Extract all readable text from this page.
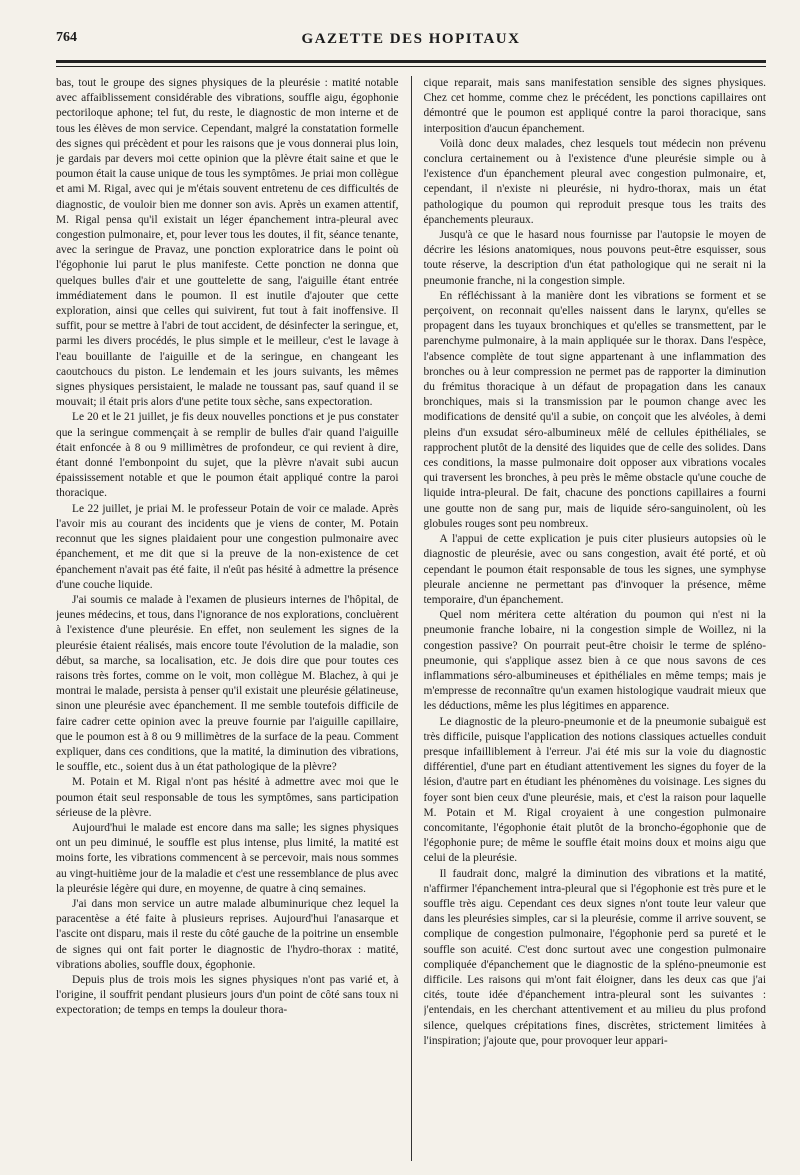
764	GAZETTE DES HOPITAUX

bas, tout le groupe des signes physiques de la pleurésie : matité notable avec affaiblissement considérable des vibrations, souffle aigu, égophonie pectoriloque aphone; tel fut, du reste, le diagnostic de mon interne et de tous les élèves de mon service. Cependant, malgré la constatation formelle des signes qui précèdent et pour les raisons que je vous donnerai plus loin, je gardais par devers moi cette opinion que la plèvre était saine et que le poumon était la cause unique de tous les symptômes. Je priai mon collègue et ami M. Rigal, avec qui je m'étais souvent entretenu de ces difficultés de diagnostic, de vouloir bien me donner son avis. Après un examen attentif, M. Rigal pensa qu'il existait un léger épanchement intra-pleural avec congestion pulmonaire, et, pour lever tous les doutes, il fit, séance tenante, avec la seringue de Pravaz, une ponction exploratrice dans le point où l'égophonie lui parut le plus manifeste. Cette ponction ne donna que quelques bulles d'air et une gouttelette de sang, l'aiguille étant entrée immédiatement dans le poumon. Il est inutile d'ajouter que cette exploration, ainsi que celles qui suivirent, fut tout à fait inoffensive. Il suffit, pour se mettre à l'abri de tout accident, de désinfecter la seringue, et, parmi les divers procédés, le plus simple et le meilleur, c'est le lavage à l'eau bouillante de l'aiguille et de la seringue, en changeant les caoutchoucs du piston. Le lendemain et les jours suivants, les mêmes signes physiques persistaient, le malade ne toussant pas, sauf quand il se mouvait; il était pris alors d'une petite toux sèche, sans expectoration.

Le 20 et le 21 juillet, je fis deux nouvelles ponctions et je pus constater que la seringue commençait à se remplir de bulles d'air quand l'aiguille était enfoncée à 8 ou 9 millimètres de profondeur, ce qui revient à dire, étant donné l'embonpoint du sujet, que la plèvre n'avait subi aucun épaississement notable et que le poumon était appliqué contre la paroi thoracique.

Le 22 juillet, je priai M. le professeur Potain de voir ce malade. Après l'avoir mis au courant des incidents que je viens de conter, M. Potain reconnut que les signes plaidaient pour une congestion pulmonaire avec épanchement, et me dit que si la preuve de la non-existence de cet épanchement n'avait pas été faite, il n'eût pas hésité à admettre la présence d'une couche liquide.

J'ai soumis ce malade à l'examen de plusieurs internes de l'hôpital, de jeunes médecins, et tous, dans l'ignorance de nos explorations, concluèrent à l'existence d'une pleurésie. En effet, non seulement les signes de la pleurésie étaient réalisés, mais encore toute l'évolution de la maladie, son début, sa marche, sa localisation, etc. Je dois dire que pour toutes ces raisons très fortes, comme on le voit, mon collègue M. Blachez, à qui je montrai le malade, persista à penser qu'il existait une pleurésie gélatineuse, sinon une pleurésie avec épanchement. Il me semble toutefois difficile de faire cadrer cette opinion avec la preuve fournie par l'aiguille capillaire, que le poumon est à 8 ou 9 millimètres de la surface de la peau. Comment expliquer, dans ces conditions, que la matité, la diminution des vibrations, le souffle, etc., soient dus à un état pathologique de la plèvre?

M. Potain et M. Rigal n'ont pas hésité à admettre avec moi que le poumon était seul responsable de tous les symptômes, sans participation sérieuse de la plèvre.

Aujourd'hui le malade est encore dans ma salle; les signes physiques ont un peu diminué, le souffle est plus intense, plus limité, la matité est moins forte, les vibrations commencent à se percevoir, mais nous sommes au vingt-huitième jour de la maladie et c'est une ressemblance de plus avec la pleurésie légère qui dure, en moyenne, de quatre à cinq semaines.

J'ai dans mon service un autre malade albuminurique chez lequel la paracentèse a été faite à plusieurs reprises. Aujourd'hui l'anasarque et l'ascite ont disparu, mais il reste du côté gauche de la poitrine un ensemble de signes qui ont fait porter le diagnostic de l'hydro-thorax : matité, vibrations abolies, souffle doux, égophonie.

Depuis plus de trois mois les signes physiques n'ont pas varié et, à l'origine, il souffrit pendant plusieurs jours d'un point de côté sans toux ni expectoration; de temps en temps la douleur thora-

cique reparait, mais sans manifestation sensible des signes physiques. Chez cet homme, comme chez le précédent, les ponctions capillaires ont démontré que le poumon est appliqué contre la paroi thoracique, sans interposition d'aucun épanchement.

Voilà donc deux malades, chez lesquels tout médecin non prévenu conclura certainement ou à l'existence d'une pleurésie simple ou à l'existence d'un épanchement pleural avec congestion pulmonaire, et, cependant, il n'existe ni pleurésie, ni hydro-thorax, mais un état pathologique du poumon qui reproduit presque tous les traits des épanchements pleuraux.

Jusqu'à ce que le hasard nous fournisse par l'autopsie le moyen de décrire les lésions anatomiques, nous pouvons peut-être esquisser, sous toute réserve, la description d'un état pathologique qui ne serait ni la pneumonie franche, ni la congestion simple.

En réfléchissant à la manière dont les vibrations se forment et se perçoivent, on reconnait qu'elles naissent dans le larynx, qu'elles se propagent dans les tuyaux bronchiques et qu'elles se transmettent, par le parenchyme pulmonaire, à la main appliquée sur le thorax. Dans l'espèce, l'absence complète de tout signe appartenant à une inflammation des bronches ou à leur compression ne permet pas de rapporter la diminution du frémitus thoracique à un défaut de propagation dans les canaux bronchiques, mais si la transmission par le poumon change avec les modifications de densité qu'il a subie, on conçoit que les alvéoles, à demi pleins d'un exsudat séro-albumineux mêlé de cellules épithéliales, se rapprochent plutôt de la densité des liquides que de celle des solides. Dans ces conditions, la masse pulmonaire doit opposer aux vibrations vocales qui traversent les bronches, à peu près le même obstacle qu'une couche de liquide intra-pleural. De fait, chacune des ponctions capillaires a fourni une goutte non de sang pur, mais de liquide séro-sanguinolent, où les globules rouges sont peu nombreux.

A l'appui de cette explication je puis citer plusieurs autopsies où le diagnostic de pleurésie, avec ou sans congestion, avait été porté, et où cependant le poumon était responsable de tous les signes, une symphyse pleurale ancienne ne permettant pas d'invoquer la présence, même temporaire, d'un épanchement.

Quel nom méritera cette altération du poumon qui n'est ni la pneumonie franche lobaire, ni la congestion simple de Woillez, ni la congestion passive? On pourrait peut-être choisir le terme de spléno-pneumonie, qui s'applique assez bien à ce que nous savons de ces inflammations séro-albumineuses et épithéliales en même temps; mais je m'empresse de reconnaître qu'un examen histologique vaudrait mieux que les déductions, même les plus légitimes en apparence.

Le diagnostic de la pleuro-pneumonie et de la pneumonie subaiguë est très difficile, puisque l'application des notions classiques actuelles conduit presque infailliblement à l'erreur. J'ai été mis sur la voie du diagnostic différentiel, d'une part en étudiant attentivement les signes du foyer de la lésion, d'autre part en étudiant les phénomènes du voisinage. Les signes du foyer sont bien ceux d'une pleurésie, mais, et c'est la raison pour laquelle M. Potain et M. Rigal croyaient à une congestion pulmonaire concomitante, l'égophonie était plutôt de la broncho-égophonie que de l'égophonie pure; de même le souffle était moins doux et moins aigu que celui de la pleurésie.

Il faudrait donc, malgré la diminution des vibrations et la matité, n'affirmer l'épanchement intra-pleural que si l'égophonie est très pure et le souffle très aigu. Cependant ces deux signes n'ont toute leur valeur que dans les pleurésies simples, car si la pleurésie, comme il arrive souvent, se complique de congestion pulmonaire, l'égophonie perd sa pureté et le souffle son acuité. C'est donc surtout avec une congestion pulmonaire compliquée d'épanchement que le diagnostic de la spléno-pneumonie est difficile. Les raisons qui m'ont fait éloigner, dans les deux cas que j'ai cités, toute idée d'épanchement intra-pleural sont les suivantes : j'entendais, en les cherchant attentivement et au milieu du plus profond silence, quelques crépitations fines, discrètes, strictement limitées à l'inspiration; j'ajoute que, pour provoquer leur appari-
